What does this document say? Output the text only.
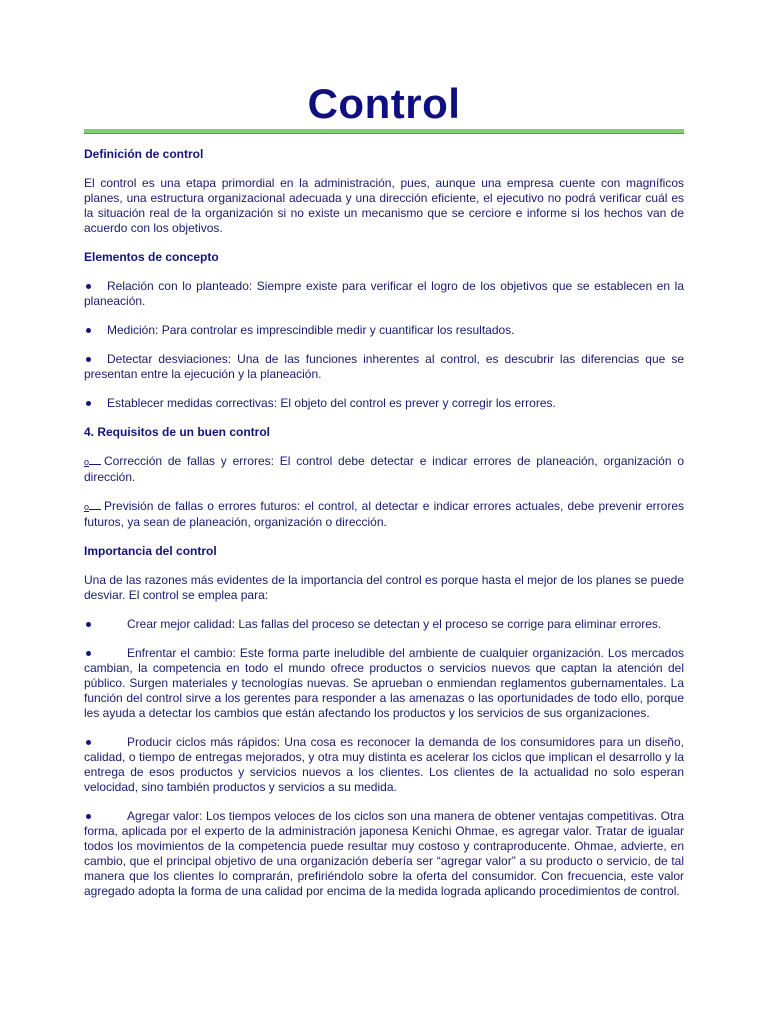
Control
Definición de control

El control es una etapa primordial en la administración, pues, aunque una empresa cuente con magníficos planes, una estructura organizacional adecuada y una dirección eficiente, el ejecutivo no podrá verificar cuál es la situación real de la organización si no existe un mecanismo que se cerciore e informe si los hechos van de acuerdo con los objetivos.

Elementos de concepto

Relación con lo planteado: Siempre existe para verificar el logro de los objetivos que se establecen en la planeación.

Medición: Para controlar es imprescindible medir y cuantificar los resultados.

Detectar desviaciones: Una de las funciones inherentes al control, es descubrir las diferencias que se presentan entre la ejecución y la planeación.

Establecer medidas correctivas: El objeto del control es prever y corregir los errores.

4. Requisitos de un buen control

o Corrección de fallas y errores: El control debe detectar e indicar errores de planeación, organización o dirección.

o Previsión de fallas o errores futuros: el control, al detectar e indicar errores actuales, debe prevenir errores futuros, ya sean de planeación, organización o dirección.

Importancia del control

Una de las razones más evidentes de la importancia del control es porque hasta el mejor de los planes se puede desviar. El control se emplea para:

Crear mejor calidad: Las fallas del proceso se detectan y el proceso se corrige para eliminar errores.

Enfrentar el cambio: Este forma parte ineludible del ambiente de cualquier organización. Los mercados cambian, la competencia en todo el mundo ofrece productos o servicios nuevos que captan la atención del público. Surgen materiales y tecnologías nuevas. Se aprueban o enmiendan reglamentos gubernamentales. La función del control sirve a los gerentes para responder a las amenazas o las oportunidades de todo ello, porque les ayuda a detectar los cambios que están afectando los productos y los servicios de sus organizaciones.

Producir ciclos más rápidos: Una cosa es reconocer la demanda de los consumidores para un diseño, calidad, o tiempo de entregas mejorados, y otra muy distinta es acelerar los ciclos que implican el desarrollo y la entrega de esos productos y servicios nuevos a los clientes. Los clientes de la actualidad no solo esperan velocidad, sino también productos y servicios a su medida.

Agregar valor: Los tiempos veloces de los ciclos son una manera de obtener ventajas competitivas. Otra forma, aplicada por el experto de la administración japonesa Kenichi Ohmae, es agregar valor. Tratar de igualar todos los movimientos de la competencia puede resultar muy costoso y contraproducente. Ohmae, advierte, en cambio, que el principal objetivo de una organización debería ser “agregar valor” a su producto o servicio, de tal manera que los clientes lo comprarán, prefiriéndolo sobre la oferta del consumidor. Con frecuencia, este valor agregado adopta la forma de una calidad por encima de la medida lograda aplicando procedimientos de control.
